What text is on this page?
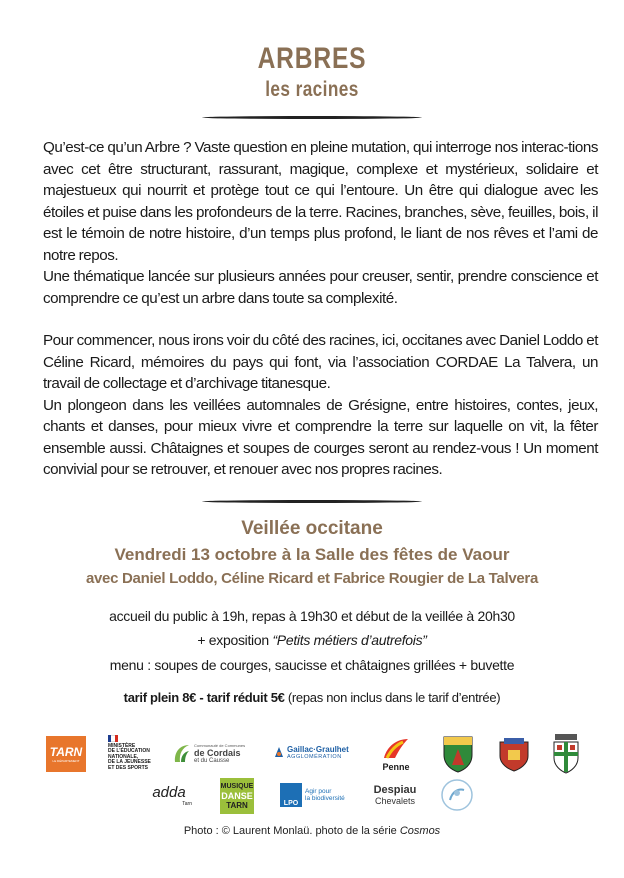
ARBRES
les racines

Qu’est-ce qu’un Arbre ? Vaste question en pleine mutation, qui interroge nos interac-tions avec cet être structurant, rassurant, magique, complexe et mystérieux, solidaire et majestueux qui nourrit et protège tout ce qui l’entoure. Un être qui dialogue avec les étoiles et puise dans les profondeurs de la terre. Racines, branches, sève, feuilles, bois, il est le témoin de notre histoire, d’un temps plus profond, le liant de nos rêves et l’ami de notre repos.

Une thématique lancée sur plusieurs années pour creuser, sentir, prendre conscience et comprendre ce qu’est un arbre dans toute sa complexité.

Pour commencer, nous irons voir du côté des racines, ici, occitanes avec Daniel Loddo et Céline Ricard, mémoires du pays qui font, via l’association CORDAE La Talvera, un travail de collectage et d’archivage titanesque.

Un plongeon dans les veillées automnales de Grésigne, entre histoires, contes, jeux, chants et danses, pour mieux vivre et comprendre la terre sur laquelle on vit, la fêter ensemble aussi. Châtaignes et soupes de courges seront au rendez-vous ! Un moment convivial pour se retrouver, et renouer avec nos propres racines.

Veillée occitane
Vendredi 13 octobre à la Salle des fêtes de Vaour
avec Daniel Loddo, Céline Ricard et Fabrice Rougier de La Talvera
accueil du public à 19h, repas à 19h30 et début de la veillée à 20h30
+ exposition “Petits métiers d’autrefois”
menu : soupes de courges, saucisse et châtaignes grillées + buvette
tarif plein 8€ - tarif réduit 5€ (repas non inclus dans le tarif d’entrée)
TARN
LE DÉPARTEMENT
MINISTÈRE
DE L’ÉDUCATION
NATIONALE,
DE LA JEUNESSE
ET DES SPORTS
Communauté de Communes
de Cordais
et du Causse
Gaillac·Graulhet
AGGLOMÉRATION
Penne
adda
Tarn
MUSIQUE
DANSE
TARN	LPO
Agir pour
la biodiversité
Despiau
Chevalets
Photo : © Laurent Monlaü. photo de la série Cosmos
